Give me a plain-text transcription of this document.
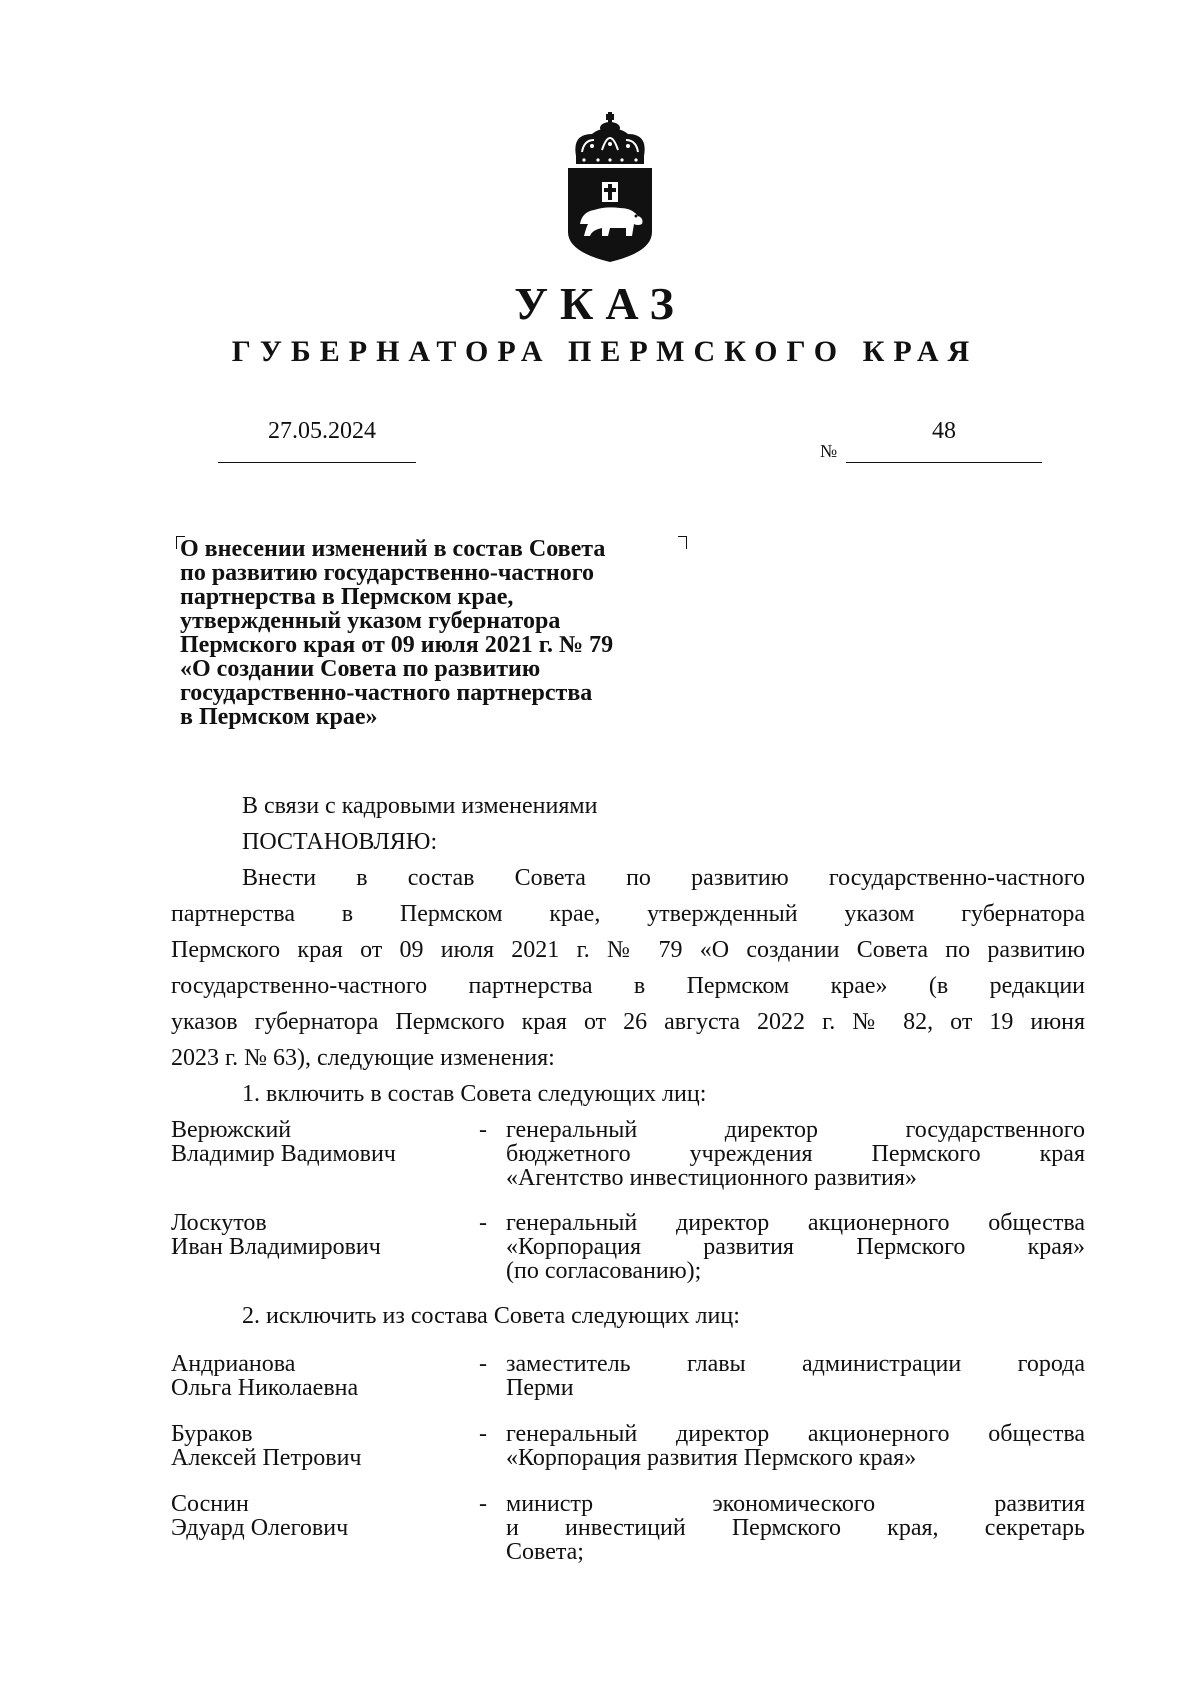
УКАЗ
ГУБЕРНАТОРА ПЕРМСКОГО КРАЯ
27.05.2024
№
48
О внесении изменений в состав Совета
по развитию государственно-частного
партнерства в Пермском крае,
утвержденный указом губернатора
Пермского края от 09 июля 2021 г. № 79
«О создании Совета по развитию
государственно-частного партнерства
в Пермском крае»
В связи с кадровыми изменениями
ПОСТАНОВЛЯЮ:
Внести в состав Совета по развитию государственно-частного
партнерства в Пермском крае, утвержденный указом губернатора
Пермского края от 09 июля 2021 г. № 79 «О создании Совета по развитию
государственно-частного партнерства в Пермском крае» (в редакции
указов губернатора Пермского края от 26 августа 2022 г. № 82, от 19 июня
2023 г. № 63), следующие изменения:
1. включить в состав Совета следующих лиц:
Верюжский
Владимир Вадимович
- генеральный директор государственного
бюджетного учреждения Пермского края
«Агентство инвестиционного развития»
Лоскутов
Иван Владимирович
- генеральный директор акционерного общества
«Корпорация развития Пермского края»
(по согласованию);
2. исключить из состава Совета следующих лиц:
Андрианова
Ольга Николаевна
- заместитель главы администрации города
Перми
Бураков
Алексей Петрович
- генеральный директор акционерного общества
«Корпорация развития Пермского края»
Соснин
Эдуард Олегович
- министр экономического развития
и инвестиций Пермского края, секретарь
Совета;
